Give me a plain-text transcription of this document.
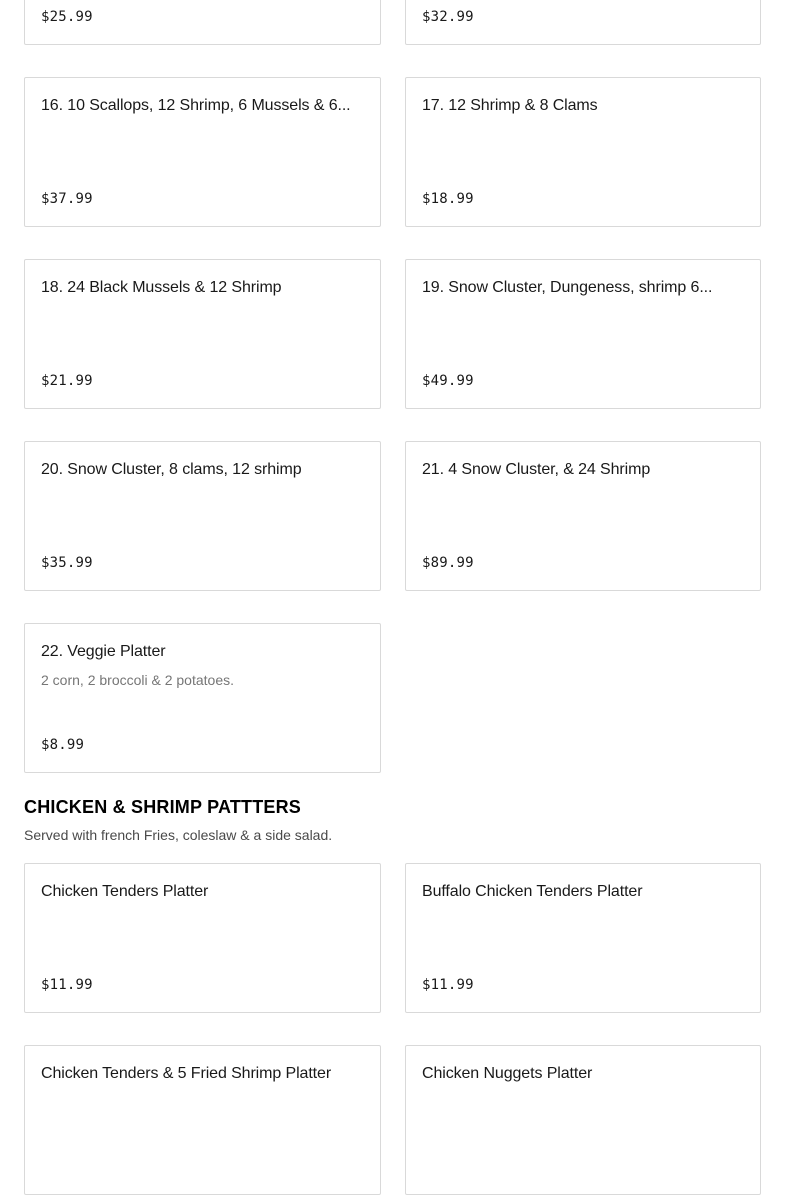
$25.99	$32.99
16. 10 Scallops, 12 Shrimp, 6 Mussels & 6...
$37.99
17. 12 Shrimp & 8 Clams
$18.99
18. 24 Black Mussels & 12 Shrimp
$21.99
19. Snow Cluster, Dungeness, shrimp 6...
$49.99
20. Snow Cluster, 8 clams, 12 srhimp
$35.99
21. 4 Snow Cluster, & 24 Shrimp
$89.99
22. Veggie Platter
2 corn, 2 broccoli & 2 potatoes.
$8.99
CHICKEN & SHRIMP PATTTERS
Served with french Fries, coleslaw & a side salad.
Chicken Tenders Platter
$11.99
Buffalo Chicken Tenders Platter
$11.99
Chicken Tenders & 5 Fried Shrimp Platter	Chicken Nuggets Platter
